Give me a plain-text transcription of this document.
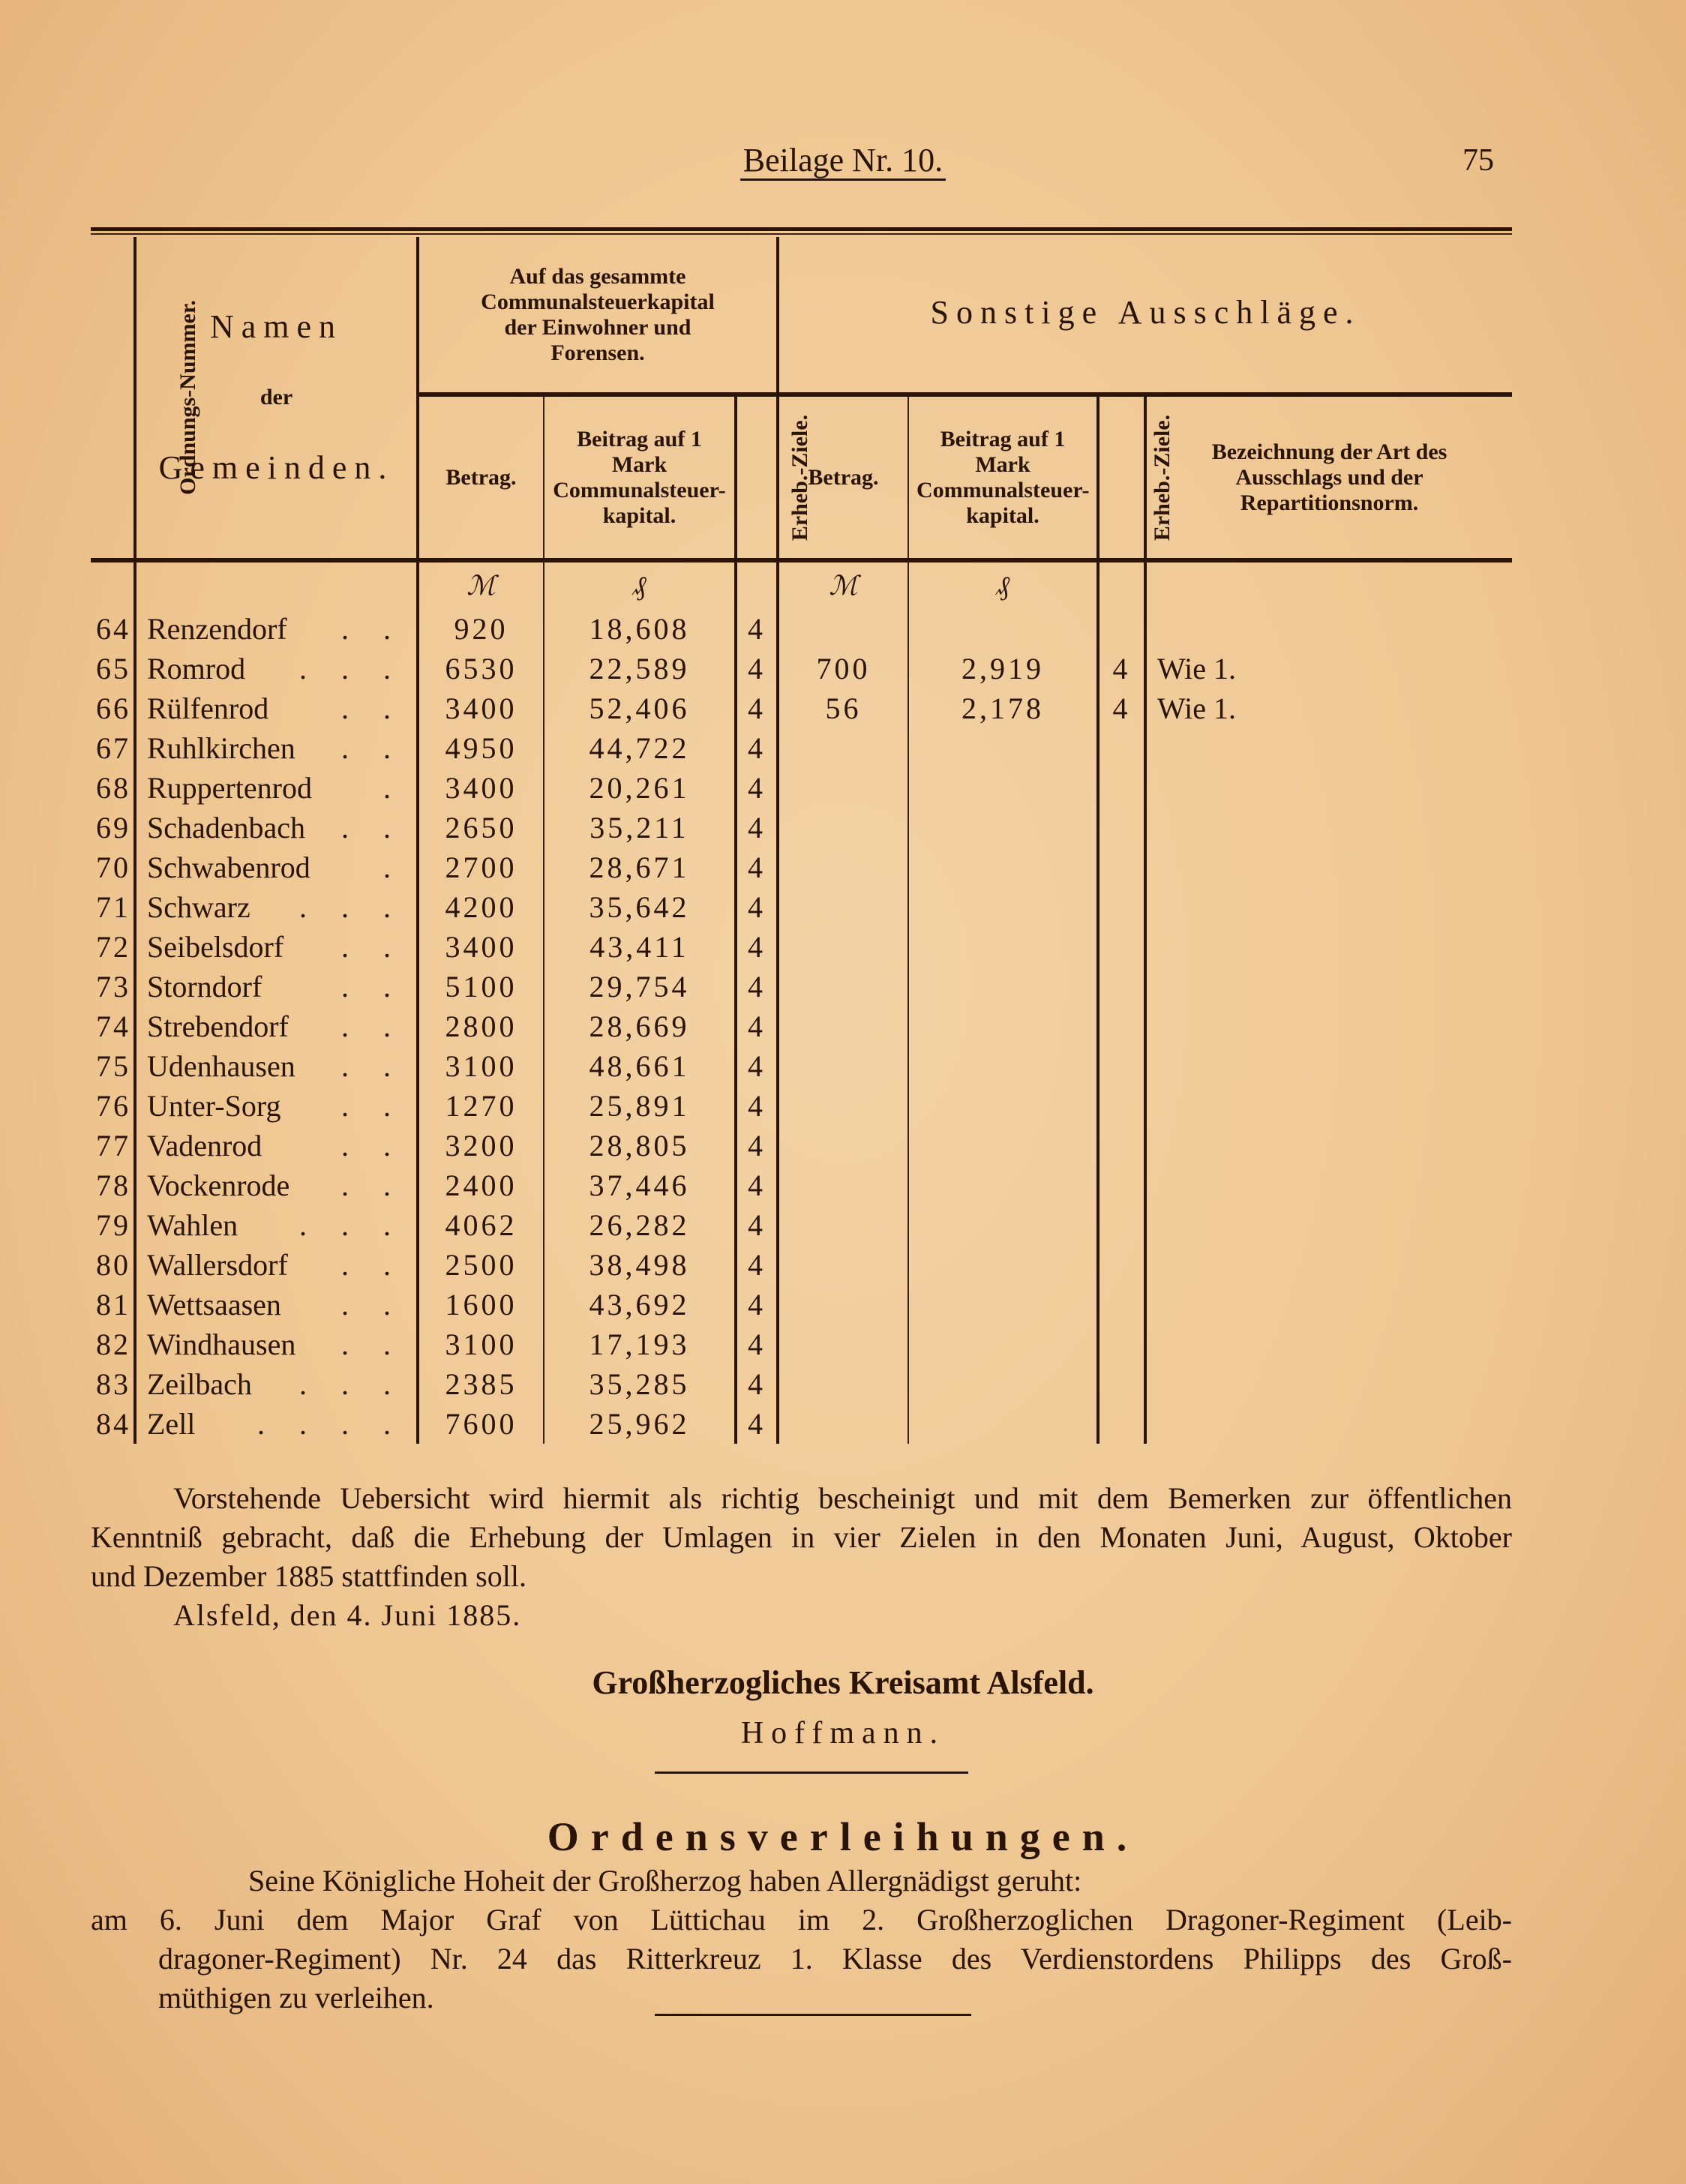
Beilage Nr. 10.	75
Ordnungs-Nummer.	Namen
der
Gemeinden.	Auf das gesammte Communalsteuerkapital der Einwohner und Forensen.			Sonstige Ausschläge.			
		Betrag.	Beitrag auf 1 Mark Communalsteuer-kapital.	Erheb.-Ziele.	Betrag.	Beitrag auf 1 Mark Communalsteuer-kapital.	Erheb.-Ziele.	Bezeichnung der Art des Ausschlags und der Repartitionsnorm.
		ℳ	₰		ℳ	₰		
64	Renzendorf . .	920	18,608	4				
65	Romrod . . .	6530	22,589	4	700	2,919	4	Wie 1.
66	Rülfenrod . .	3400	52,406	4	56	2,178	4	Wie 1.
67	Ruhlkirchen . .	4950	44,722	4				
68	Ruppertenrod .	3400	20,261	4				
69	Schadenbach . .	2650	35,211	4				
70	Schwabenrod .	2700	28,671	4				
71	Schwarz . . .	4200	35,642	4				
72	Seibelsdorf . .	3400	43,411	4				
73	Storndorf . .	5100	29,754	4				
74	Strebendorf . .	2800	28,669	4				
75	Udenhausen . .	3100	48,661	4				
76	Unter-Sorg . .	1270	25,891	4				
77	Vadenrod . .	3200	28,805	4				
78	Vockenrode . .	2400	37,446	4				
79	Wahlen . . .	4062	26,282	4				
80	Wallersdorf . .	2500	38,498	4				
81	Wettsaasen . .	1600	43,692	4				
82	Windhausen . .	3100	17,193	4				
83	Zeilbach . . .	2385	35,285	4				
84	Zell . . . .	7600	25,962	4				
Vorstehende Uebersicht wird hiermit als richtig bescheinigt und mit dem Bemerken zur öffentlichen
Kenntniß gebracht, daß die Erhebung der Umlagen in vier Zielen in den Monaten Juni, August, Oktober
und Dezember 1885 stattfinden soll.
Alsfeld, den 4. Juni 1885.
Großherzogliches Kreisamt Alsfeld.
Hoffmann.
Ordensverleihungen.
Seine Königliche Hoheit der Großherzog haben Allergnädigst geruht:
am 6. Juni dem Major Graf von Lüttichau im 2. Großherzoglichen Dragoner-Regiment (Leib-
dragoner-Regiment) Nr. 24 das Ritterkreuz 1. Klasse des Verdienstordens Philipps des Groß-
müthigen zu verleihen.
